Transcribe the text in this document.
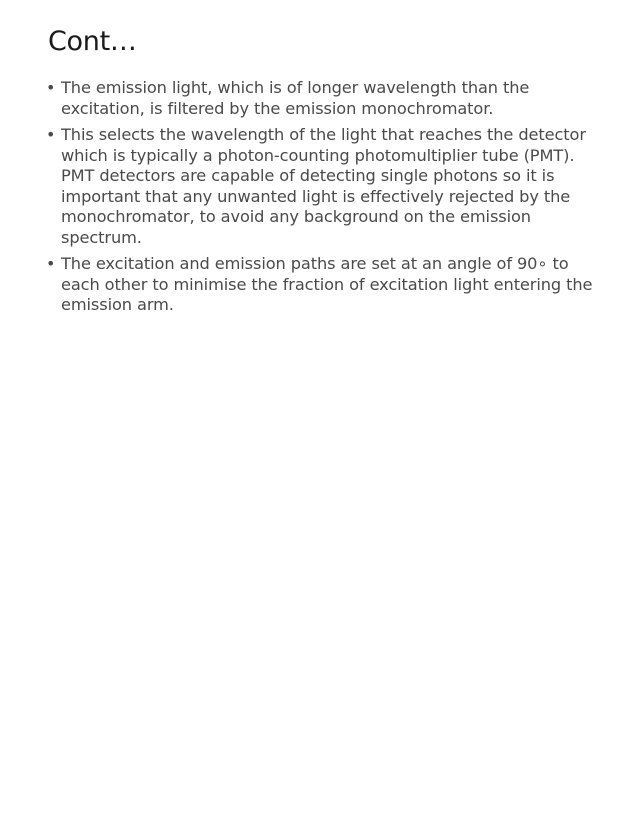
Cont…
• The emission light, which is of longer wavelength than the excitation, is filtered by the emission monochromator.
• This selects the wavelength of the light that reaches the detector which is typically a photon-counting photomultiplier tube (PMT). PMT detectors are capable of detecting single photons so it is important that any unwanted light is effectively rejected by the monochromator, to avoid any background on the emission spectrum.
• The excitation and emission paths are set at an angle of 90∘ to each other to minimise the fraction of excitation light entering the emission arm.
